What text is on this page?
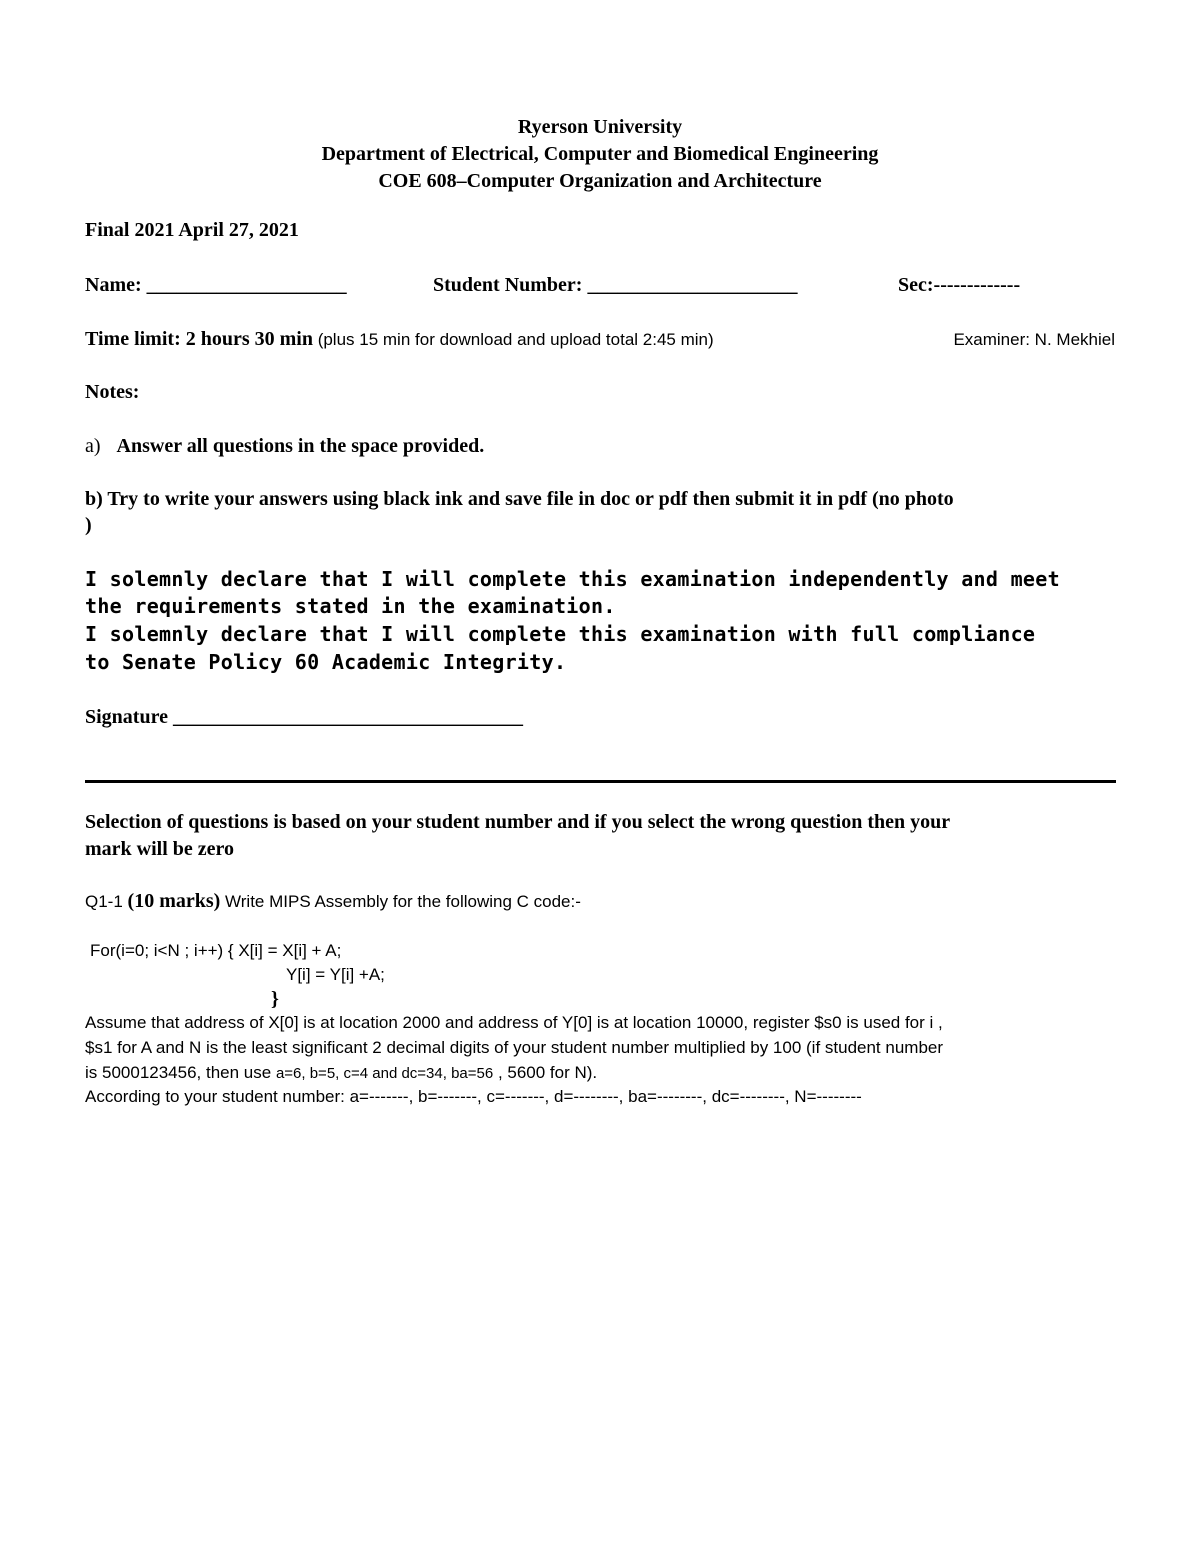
Ryerson University
Department of Electrical, Computer and Biomedical Engineering
COE 608–Computer Organization and Architecture
Final 2021 April 27, 2021
Name: ____________________	Student Number: _____________________	Sec:-------------
Time limit: 2 hours 30 min (plus 15 min for download and upload total 2:45 min)	Examiner: N. Mekhiel
Notes:
a) Answer all questions in the space provided.
b) Try to write your answers using black ink and save file in doc or pdf then submit it in pdf (no photo
)
I solemnly declare that I will complete this examination independently and meet
the requirements stated in the examination.
I solemnly declare that I will complete this examination with full compliance
to Senate Policy 60 Academic Integrity.
Signature ___________________________________
Selection of questions is based on your student number and if you select the wrong question then your
mark will be zero
Q1-1 (10 marks) Write MIPS Assembly for the following C code:-
For(i=0; i<N ; i++) { X[i] = X[i] + A;
Y[i] = Y[i] +A;
}
Assume that address of X[0] is at location 2000 and address of Y[0] is at location 10000, register $s0 is used for i ,
$s1 for A and N is the least significant 2 decimal digits of your student number multiplied by 100 (if student number
is 5000123456, then use a=6, b=5, c=4 and dc=34, ba=56 , 5600 for N).
According to your student number: a=-------, b=-------, c=-------, d=--------, ba=--------, dc=--------, N=--------
